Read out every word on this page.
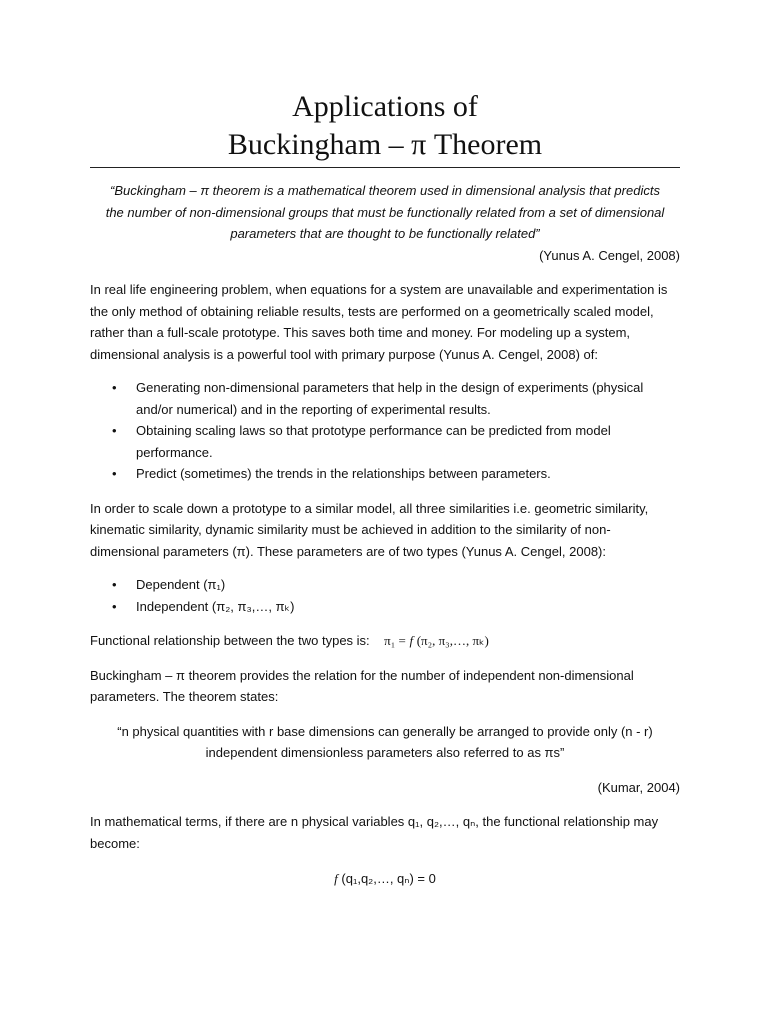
Applications of
Buckingham – π Theorem

“Buckingham – π theorem is a mathematical theorem used in dimensional analysis that predicts the number of non-dimensional groups that must be functionally related from a set of dimensional parameters that are thought to be functionally related”

(Yunus A. Cengel, 2008)

In real life engineering problem, when equations for a system are unavailable and experimentation is the only method of obtaining reliable results, tests are performed on a geometrically scaled model, rather than a full-scale prototype. This saves both time and money. For modeling up a system, dimensional analysis is a powerful tool with primary purpose (Yunus A. Cengel, 2008) of:

• Generating non-dimensional parameters that help in the design of experiments (physical and/or numerical) and in the reporting of experimental results.
• Obtaining scaling laws so that prototype performance can be predicted from model performance.
• Predict (sometimes) the trends in the relationships between parameters.

In order to scale down a prototype to a similar model, all three similarities i.e. geometric similarity, kinematic similarity, dynamic similarity must be achieved in addition to the similarity of non-dimensional parameters (π). These parameters are of two types (Yunus A. Cengel, 2008):

• Dependent (π₁)
• Independent (π₂, π₃,…, πₖ)

Functional relationship between the two types is: π₁ = f (π₂, π₃,…, πₖ)

Buckingham – π theorem provides the relation for the number of independent non-dimensional parameters. The theorem states:

“n physical quantities with r base dimensions can generally be arranged to provide only (n - r)
independent dimensionless parameters also referred to as πs”

(Kumar, 2004)

In mathematical terms, if there are n physical variables q₁, q₂,…, qₙ, the functional relationship may become:

f (q₁,q₂,…, qₙ) = 0
